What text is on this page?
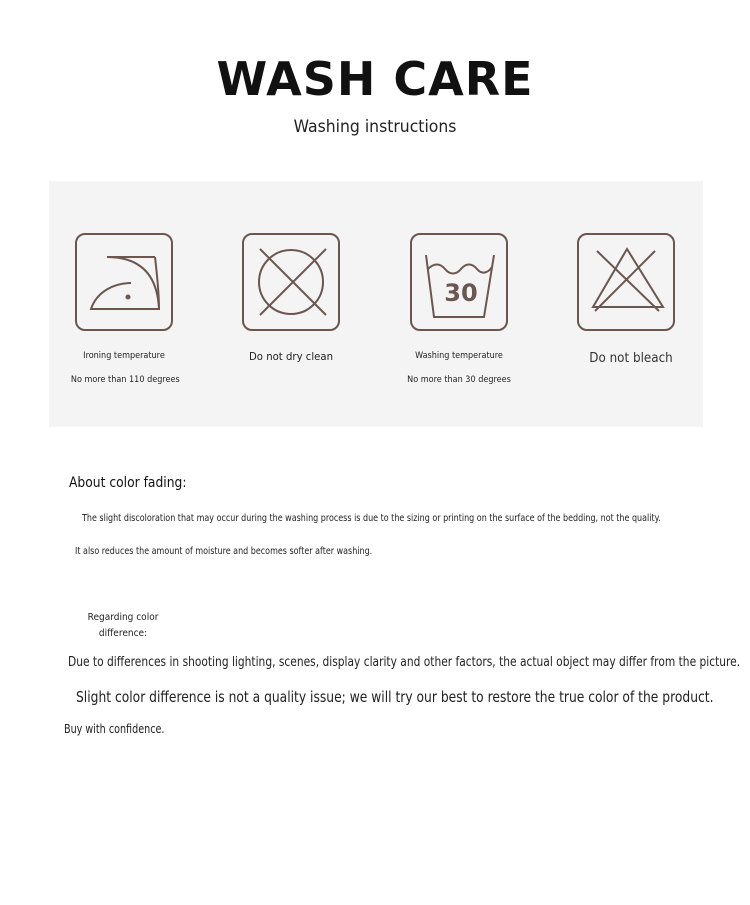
WASH CARE
Washing instructions
Ironing temperature
No more than 110 degrees
Do not dry clean
30
Washing temperature
No more than 30 degrees
Do not bleach
About color fading:
The slight discoloration that may occur during the washing process is due to the sizing or printing on the surface of the bedding, not the quality.
It also reduces the amount of moisture and becomes softer after washing.
Regarding color
difference:
Due to differences in shooting lighting, scenes, display clarity and other factors, the actual object may differ from the picture.
Slight color difference is not a quality issue; we will try our best to restore the true color of the product.
Buy with confidence.
